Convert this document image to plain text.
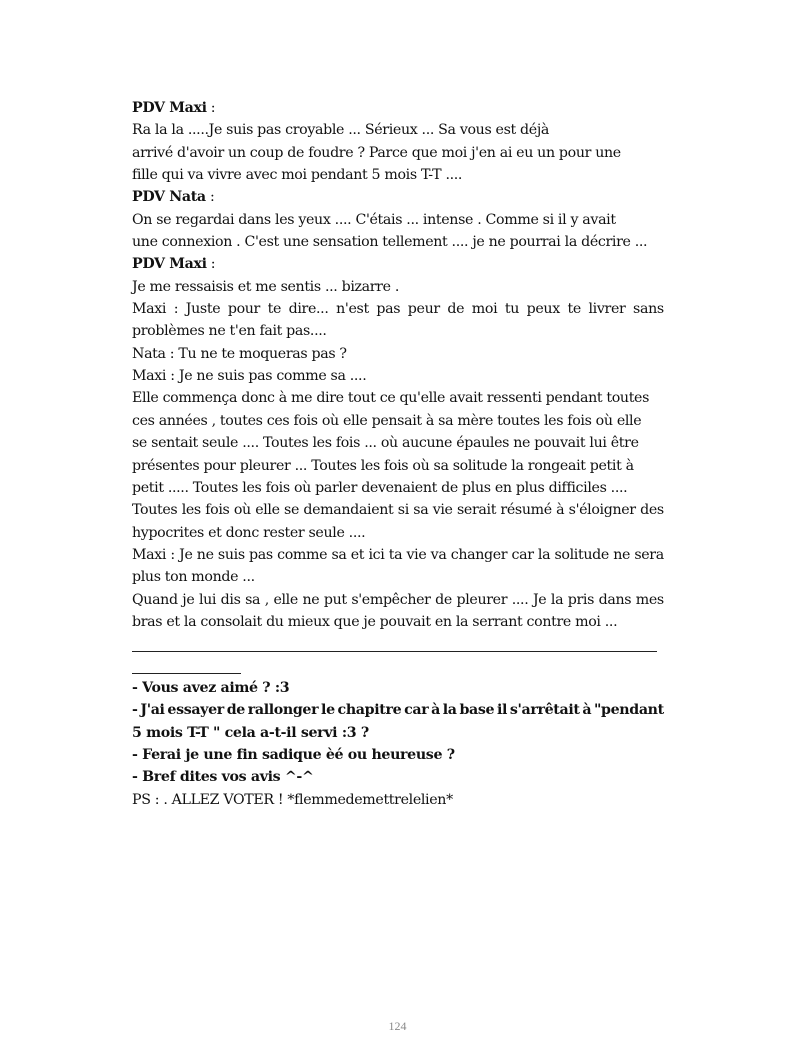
PDV Maxi :
Ra la la .....Je suis pas croyable ... Sérieux ... Sa vous est déjà
arrivé d'avoir un coup de foudre ? Parce que moi j'en ai eu un pour une
fille qui va vivre avec moi pendant 5 mois T-T ....
PDV Nata :
On se regardai dans les yeux .... C'étais ... intense . Comme si il y avait
une connexion . C'est une sensation tellement .... je ne pourrai la décrire ...
PDV Maxi :
Je me ressaisis et me sentis ... bizarre .
Maxi : Juste pour te dire... n'est pas peur de moi tu peux te livrer sans
problèmes ne t'en fait pas....
Nata : Tu ne te moqueras pas ?
Maxi : Je ne suis pas comme sa ....
Elle commença donc à me dire tout ce qu'elle avait ressenti pendant toutes
ces années , toutes ces fois où elle pensait à sa mère toutes les fois où elle
se sentait seule .... Toutes les fois ... où aucune épaules ne pouvait lui être
présentes pour pleurer ... Toutes les fois où sa solitude la rongeait petit à
petit ..... Toutes les fois où parler devenaient de plus en plus difficiles ....
Toutes les fois où elle se demandaient si sa vie serait résumé à s'éloigner des
hypocrites et donc rester seule ....
Maxi : Je ne suis pas comme sa et ici ta vie va changer car la solitude ne sera
plus ton monde ...
Quand je lui dis sa , elle ne put s'empêcher de pleurer .... Je la pris dans mes
bras et la consolait du mieux que je pouvait en la serrant contre moi ...
- Vous avez aimé ? :3
- J'ai essayer de rallonger le chapitre car à la base il s'arrêtait à "pendant
5 mois T-T " cela a-t-il servi :3 ?
- Ferai je une fin sadique èé ou heureuse ?
- Bref dites vos avis ^-^
PS : . ALLEZ VOTER ! *flemmedemettrelelien*
124
